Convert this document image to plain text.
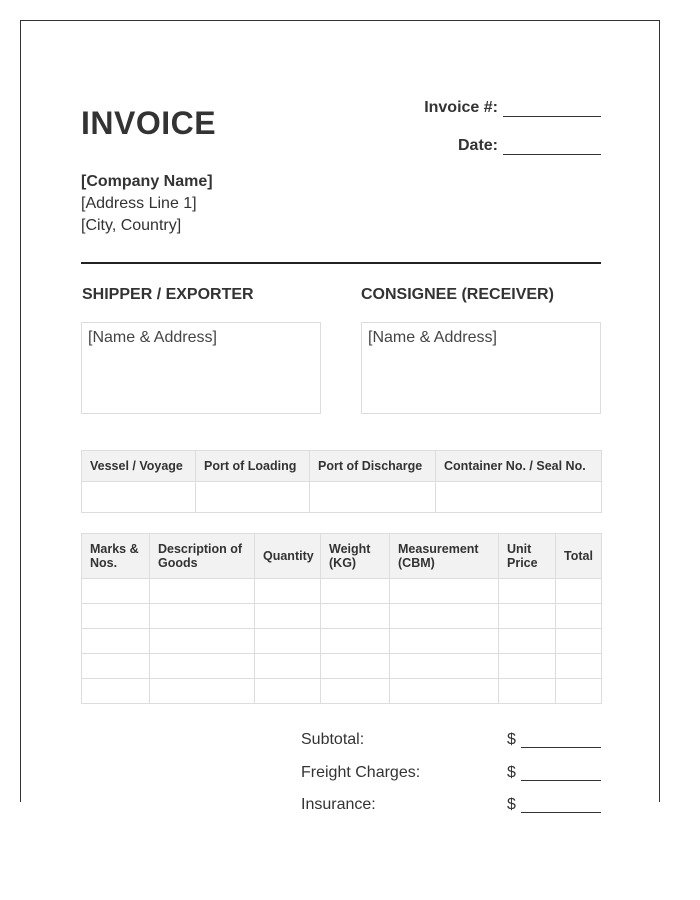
INVOICE	Invoice #:
Date:
[Company Name]
[Address Line 1]
[City, Country]
SHIPPER / EXPORTER	CONSIGNEE (RECEIVER)
[Name & Address]	[Name & Address]
Vessel / Voyage	Port of Loading	Port of Discharge	Container No. / Seal No.

Marks & Nos.	Description of Goods	Quantity	Weight (KG)	Measurement (CBM)	Unit Price	Total

Subtotal:	$
Freight Charges:	$
Insurance:	$
